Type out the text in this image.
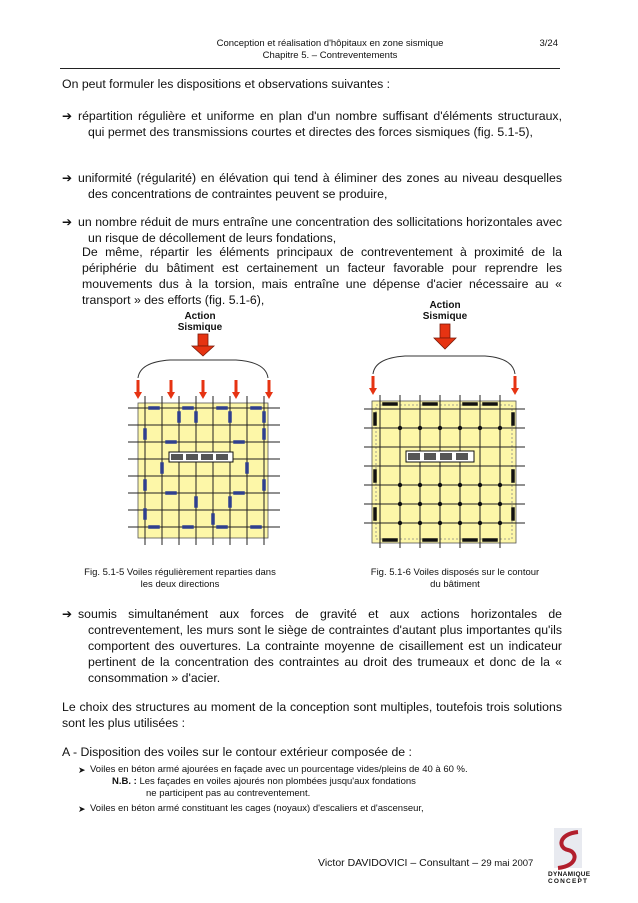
Conception et réalisation d'hôpitaux en zone sismique
Chapitre 5. – Contreventements
3/24
On peut formuler les dispositions et observations suivantes :
➔ répartition régulière et uniforme en plan d'un nombre suffisant d'éléments structuraux, qui permet des transmissions courtes et directes des forces sismiques (fig. 5.1-5),
➔ uniformité (régularité) en élévation qui tend à éliminer des zones au niveau desquelles des concentrations de contraintes peuvent se produire,
➔ un nombre réduit de murs entraîne une concentration des sollicitations horizontales avec un risque de décollement de leurs fondations,
De même, répartir les éléments principaux de contreventement à proximité de la périphérie du bâtiment est certainement un facteur favorable pour reprendre les mouvements dus à la torsion, mais entraîne une dépense d'acier nécessaire au « transport » des efforts (fig. 5.1-6),
Action
Sismique
Action
Sismique
Fig. 5.1-5 Voiles régulièrement reparties dans
les deux directions
Fig. 5.1-6 Voiles disposés sur le contour
du bâtiment
➔ soumis simultanément aux forces de gravité et aux actions horizontales de contreventement, les murs sont le siège de contraintes d'autant plus importantes qu'ils comportent des ouvertures. La contrainte moyenne de cisaillement est un indicateur pertinent de la concentration des contraintes au droit des trumeaux et donc de la « consommation » d'acier.
Le choix des structures au moment de la conception sont multiples, toutefois trois solutions sont les plus utilisées :
A - Disposition des voiles sur le contour extérieur composée de :
➤ Voiles en béton armé ajourées en façade avec un pourcentage vides/pleins de 40 à 60 %.
N.B. : Les façades en voiles ajourés non plombées jusqu'aux fondations
ne participent pas au contreventement.
➤ Voiles en béton armé constituant les cages (noyaux) d'escaliers et d'ascenseur,
Victor DAVIDOVICI – Consultant – 29 mai 2007
DYNAMIQUE
CONCEPT
